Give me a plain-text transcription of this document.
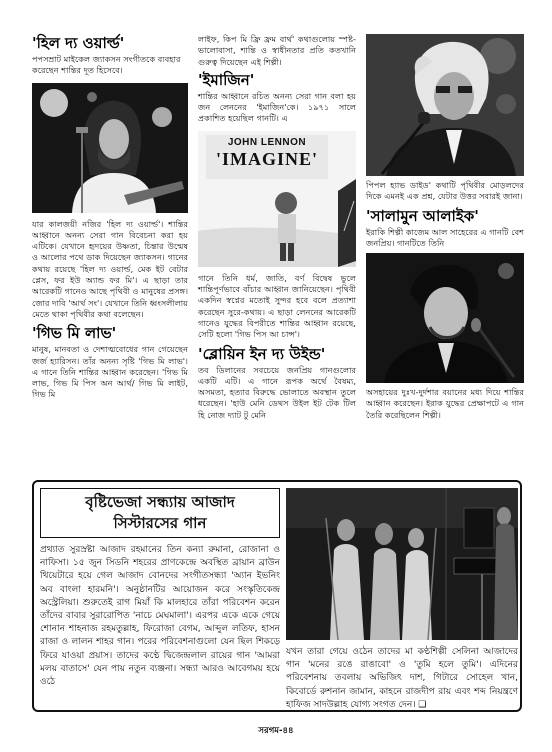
'হিল দ্য ওয়ার্ল্ড'

পপসম্রাট মাইকেল জ্যাকসন সংগীতকে ব্যবহার করেছেন শান্তির দূত হিসেবে।

যার কালজয়ী নজির 'হিল দ্য ওয়ার্ল্ড'। শান্তির আহ্বানে অনন্য সেরা গান বিবেচনা করা হয় এটিকে। যেখানে হৃদয়ের উষ্ণতা, চিন্তার উন্মেষ ও আলোর পথে ডাক দিয়েছেন জ্যাকসন। গানের কথায় রয়েছে 'হিল দ্য ওয়ার্ল্ড, মেক ইট বেটার প্লেস, ফর ইউ অ্যান্ড ফর মি'। এ ছাড়া তার আরেকটি গানেও আছে পৃথিবী ও মানুষের প্রসঙ্গ। জোর দাবি 'আর্থ সং'। যেখানে তিনি ধ্বংসলীলায় মেতে থাকা পৃথিবীর কথা বলেছেন।

'গিভ মি লাভ'

মানুষ, মানবতা ও দেশাত্মবোধের গান গেয়েছেন জর্জ হ্যারিসন। তাঁর অনন্য সৃষ্টি 'গিভ মি লাভ'। এ গানে তিনি শান্তির আহ্বান করেছেন। 'গিভ মি লাভ, গিভ মি পিস অন আর্থ/ গিভ মি লাইট, গিভ মি

লাইফ, কিপ মি ফ্রি ফ্রম বার্থ' কথাগুলোয় স্পষ্ট-ভালোবাসা, শান্তি ও স্বাধীনতার প্রতি কতখানি গুরুত্ব দিয়েছেন এই শিল্পী।

'ইমাজিন'

শান্তির আহ্বানে রচিত অনন্য সেরা গান বলা হয় জন লেননের 'ইমাজিন'কে। ১৯৭১ সালে প্রকাশিত হয়েছিল গানটি। এ

JOHN LENNON
'IMAGINE'

গানে তিনি ধর্ম, জাতি, বর্ণ বিদ্বেষ ভুলে শান্তিপূর্ণভাবে বাঁচার আহ্বান জানিয়েছেন। পৃথিবী একদিন স্বপ্নের মতোই সুন্দর হবে বলে প্রত্যাশা করেছেন সুরে-কথায়। এ ছাড়া লেননের আরেকটি গানেও যুদ্ধের বিপরীতে শান্তির আহ্বান রয়েছে, সেটি হলো 'গিভ পিস আ চান্স'।

'ব্লোয়িন ইন দ্য উইন্ড'

তব ডিলানের সবচেয়ে জনপ্রিয় গানগুলোর একটি এটি। এ গানে রূপক অর্থে বৈষম্য, অসমতা, হত্যার বিরুদ্ধে ভোলাতে অবস্থান তুলে ধরেছেন। 'হাউ মেনি ডেথস উইল ইট টেক টিল হি নোজ দ্যাট টু মেনি

পিপল হ্যাভ ডাইড' কথাটি পৃথিবীর মোড়লদের দিকে এমনই এক প্রশ্ন, যেটার উত্তর সবারই জানা।

'সালামুন আলাইক'

ইরাকি শিল্পী কাজেম আল সাহেরের এ গানটি বেশ জনপ্রিয়। গানটিতে তিনি

অসহায়ের দুঃখ-দুর্দশার বয়ানের মধ্য দিয়ে শান্তির আহ্বান করেছেন। ইরাক যুদ্ধের প্রেক্ষাপটে এ গান তৈরি করেছিলেন শিল্পী।

বৃষ্টিভেজা সন্ধ্যায় আজাদ
সিস্টারসের গান

প্রথ্যাত সুরস্রষ্টা আজাদ রহমানের তিন কন্যা রুমানা, রোজানা ও নাফিসা। ১৫ জুন সিডনি শহরের প্রাণকেন্দ্রে অবস্থিত ব্রায়ান ব্রাউন থিয়েটারে হয়ে গেল আজাদ বোনদের সংগীতসন্ধ্যা 'অ্যান ইভনিং অব বাংলা হারমনি'। অনুষ্ঠানটির আয়োজন করে সংস্কৃতিকেন্দ্র অস্ট্রেলিয়া। শুরুতেই রাগ মিয়াঁ কি মালহারে তাঁরা পরিবেশন করেন তাঁদের বাবার সুরারোপিত 'নাচে মেঘমালা'। এরপর একে একে গেয়ে শোনান শাহনাজ রহমতুল্লাহ, ফিরোজা বেগম, আব্দুল লতিফ, হাসন রাজা ও লালন শাহর গান। পরের পরিবেশনাগুলো যেন ছিল শিকড়ে ফিরে যাওয়া প্রয়াস। তাদের কণ্ঠে দ্বিজেন্দ্রলাল রায়ের গান 'আমরা মলয় বাতাসে' যেন পায় নতুন ব্যঞ্জনা। সন্ধ্যা আরও আবেগময় হয়ে ওঠে

যখন তারা গেয়ে ওঠেন তাদের মা কণ্ঠশিল্পী সেলিনা আজাদের গান 'মনের রঙে রাঙাবো' ও 'তুমি হলে তুমি'। এদিনের পরিবেশনায় তবলায় অভিজিৎ দাশ, গিটারে সোহেল খান, কিবোর্ডে রুশনান জামান, কাহনে রাজদীপ রায় এবং শব্দ নিয়ন্ত্রণে হাফিজ সাদউল্লাহ যোগ্য সংগত দেন। ❑

সরগম-৪৪
